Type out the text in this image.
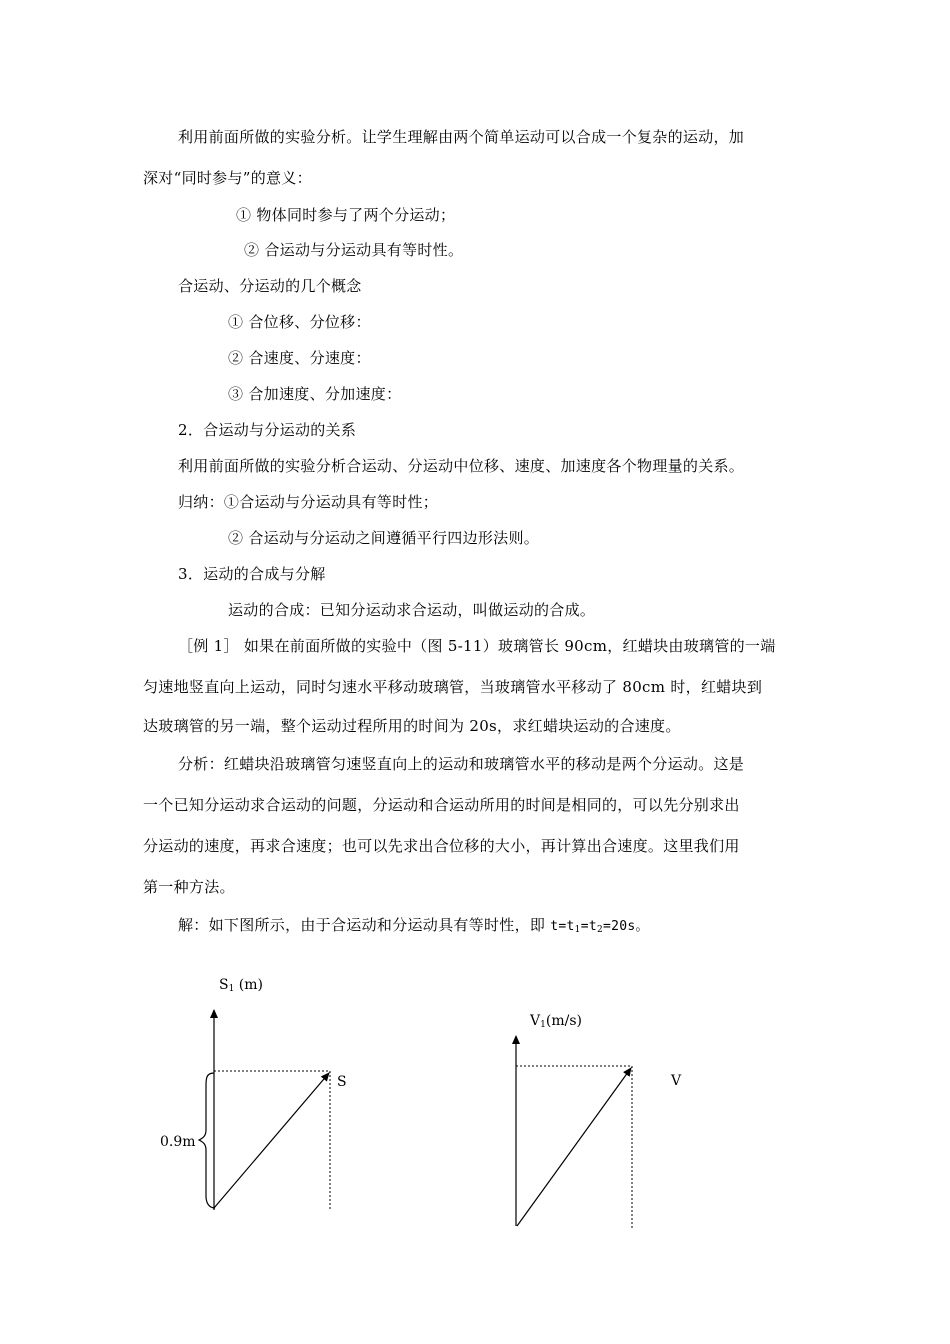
利用前面所做的实验分析。让学生理解由两个简单运动可以合成一个复杂的运动，加
深对“同时参与”的意义：
① 物体同时参与了两个分运动；
② 合运动与分运动具有等时性。
合运动、分运动的几个概念
① 合位移、分位移：
② 合速度、分速度：
③ 合加速度、分加速度：
2．合运动与分运动的关系
利用前面所做的实验分析合运动、分运动中位移、速度、加速度各个物理量的关系。
归纳：①合运动与分运动具有等时性；
② 合运动与分运动之间遵循平行四边形法则。
3．运动的合成与分解
运动的合成：已知分运动求合运动，叫做运动的合成。
［例 1］ 如果在前面所做的实验中（图 5-11）玻璃管长 90cm，红蜡块由玻璃管的一端
匀速地竖直向上运动，同时匀速水平移动玻璃管，当玻璃管水平移动了 80cm 时，红蜡块到
达玻璃管的另一端，整个运动过程所用的时间为 20s，求红蜡块运动的合速度。
分析：红蜡块沿玻璃管匀速竖直向上的运动和玻璃管水平的移动是两个分运动。这是
一个已知分运动求合运动的问题，分运动和合运动所用的时间是相同的，可以先分别求出
分运动的速度，再求合速度；也可以先求出合位移的大小，再计算出合速度。这里我们用
第一种方法。
解：如下图所示，由于合运动和分运动具有等时性，即 $t=t_1=t_2=20s$。
$S_1$ (m)
S
0.9m
$V_1(m/s)$
V
